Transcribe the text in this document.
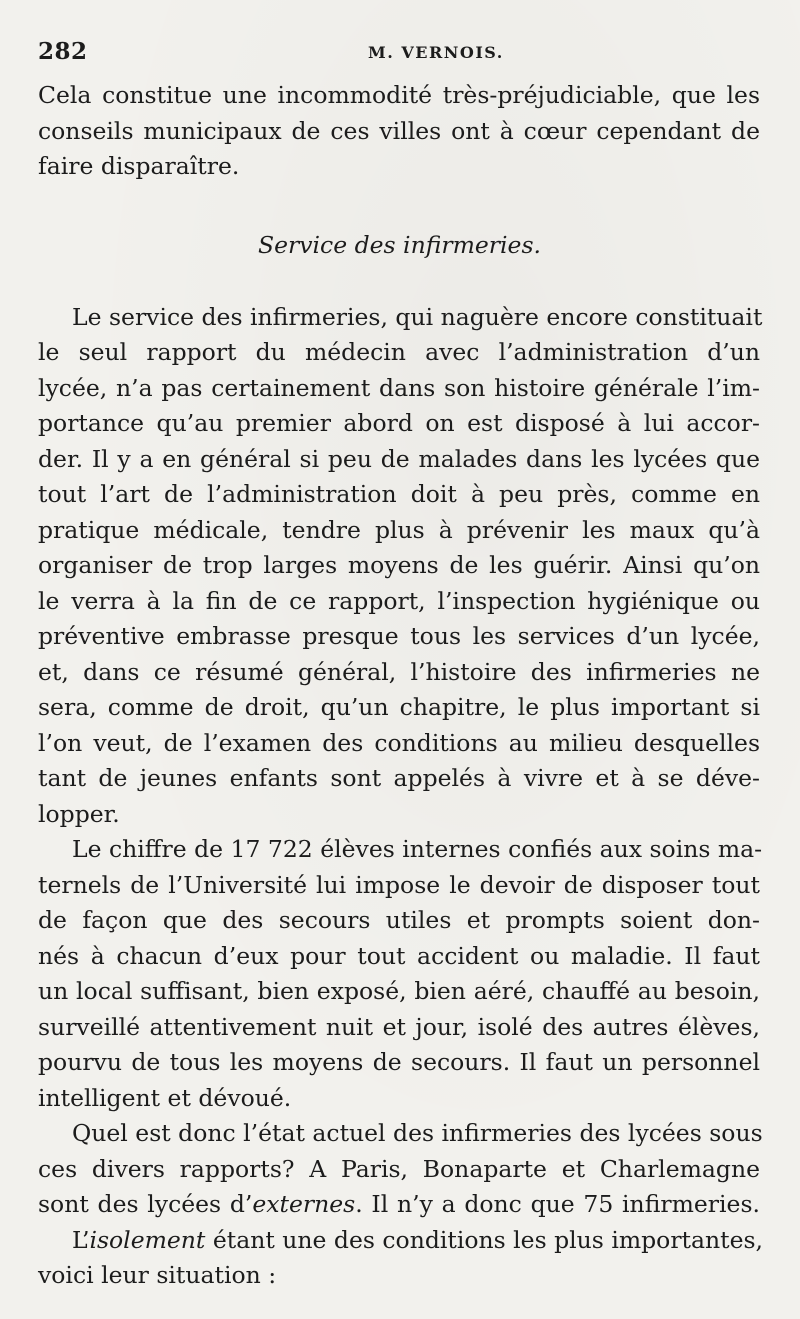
282	M. VERNOIS.
Cela constitue une incommodité très-préjudiciable, que les
conseils municipaux de ces villes ont à cœur cependant de
faire disparaître.
Service des infirmeries.
Le service des infirmeries, qui naguère encore constituait
le seul rapport du médecin avec l’administration d’un
lycée, n’a pas certainement dans son histoire générale l’im-
portance qu’au premier abord on est disposé à lui accor-
der. Il y a en général si peu de malades dans les lycées que
tout l’art de l’administration doit à peu près, comme en
pratique médicale, tendre plus à prévenir les maux qu’à
organiser de trop larges moyens de les guérir. Ainsi qu’on
le verra à la fin de ce rapport, l’inspection hygiénique ou
préventive embrasse presque tous les services d’un lycée,
et, dans ce résumé général, l’histoire des infirmeries ne
sera, comme de droit, qu’un chapitre, le plus important si
l’on veut, de l’examen des conditions au milieu desquelles
tant de jeunes enfants sont appelés à vivre et à se déve-
lopper.
Le chiffre de 17 722 élèves internes confiés aux soins ma-
ternels de l’Université lui impose le devoir de disposer tout
de façon que des secours utiles et prompts soient don-
nés à chacun d’eux pour tout accident ou maladie. Il faut
un local suffisant, bien exposé, bien aéré, chauffé au besoin,
surveillé attentivement nuit et jour, isolé des autres élèves,
pourvu de tous les moyens de secours. Il faut un personnel
intelligent et dévoué.
Quel est donc l’état actuel des infirmeries des lycées sous
ces divers rapports? A Paris, Bonaparte et Charlemagne
sont des lycées d’externes. Il n’y a donc que 75 infirmeries.
L’isolement étant une des conditions les plus importantes,
voici leur situation :
